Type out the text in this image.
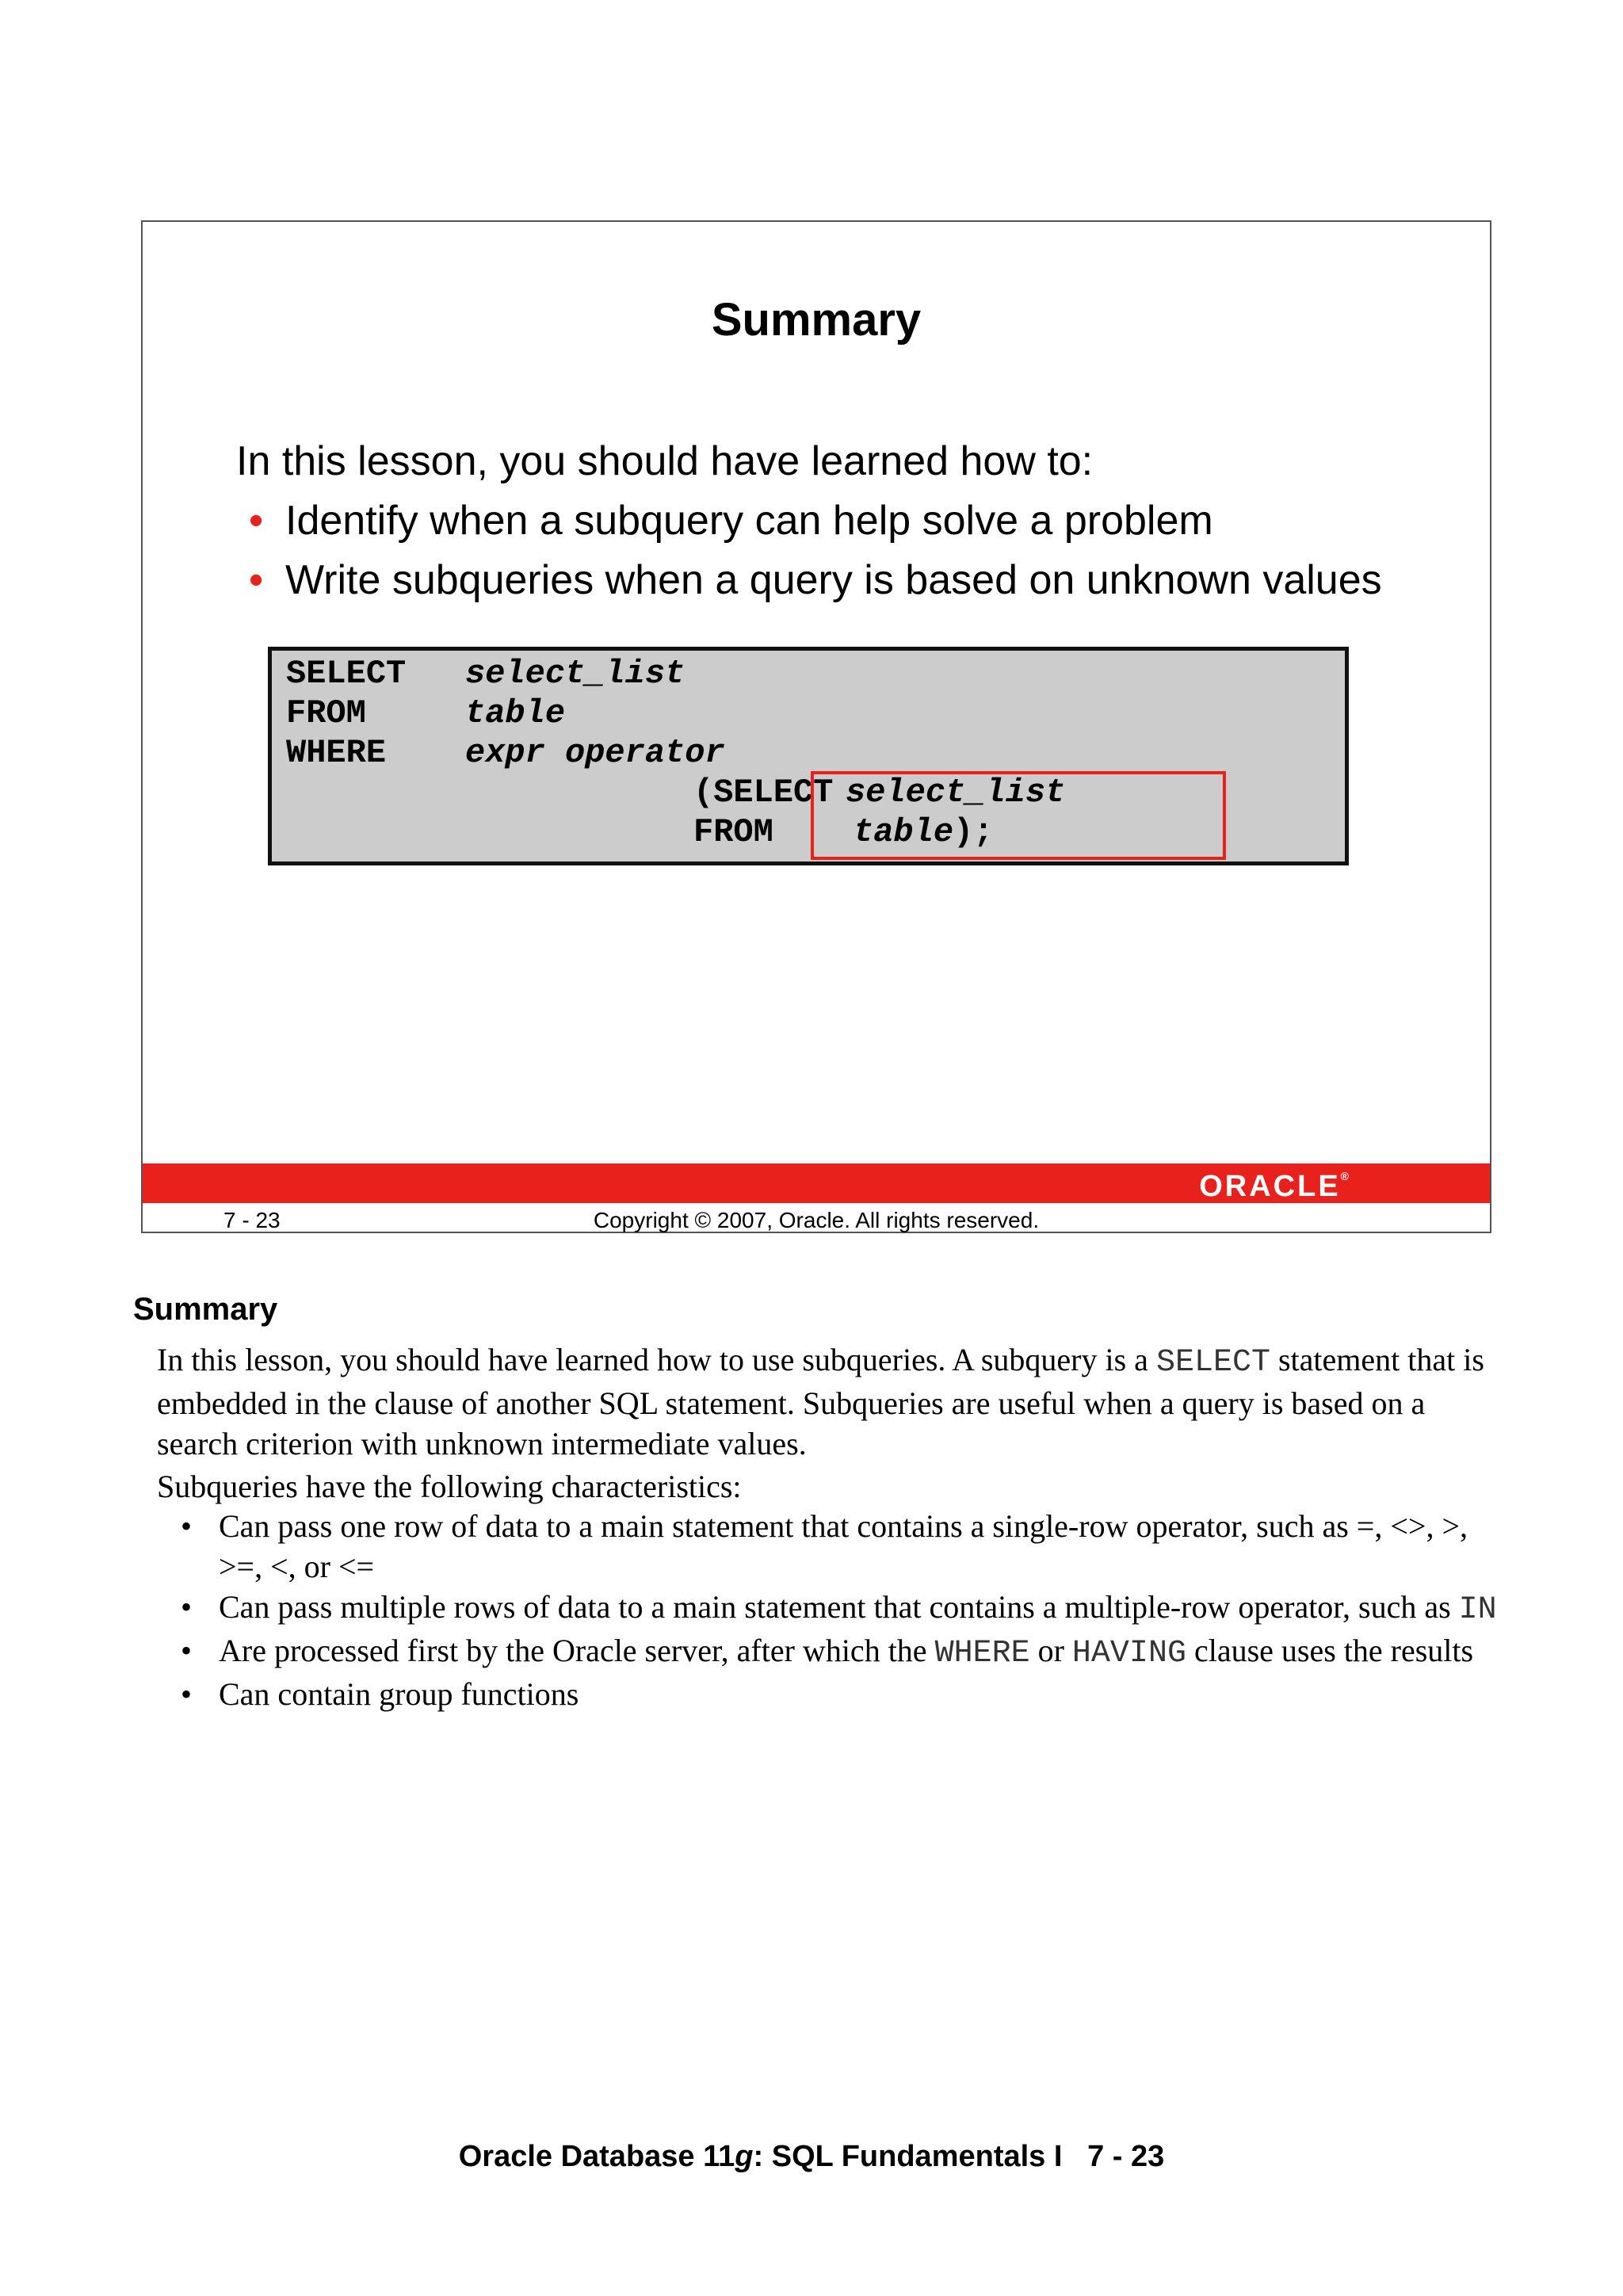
Summary
In this lesson, you should have learned how to:
• Identify when a subquery can help solve a problem
• Write subqueries when a query is based on unknown values
SELECT select_list
FROM	table
WHERE expr operator
(SELECT select_list
FROM table);
ORACLE®
7 - 23	Copyright © 2007, Oracle. All rights reserved.
Summary
In this lesson, you should have learned how to use subqueries. A subquery is a SELECT statement that is embedded in the clause of another SQL statement. Subqueries are useful when a query is based on a search criterion with unknown intermediate values.
Subqueries have the following characteristics:
• Can pass one row of data to a main statement that contains a single-row operator, such as =, <>, >, >=, <, or <=
• Can pass multiple rows of data to a main statement that contains a multiple-row operator, such as IN
• Are processed first by the Oracle server, after which the WHERE or HAVING clause uses the results
• Can contain group functions
Oracle Database 11g: SQL Fundamentals I   7 - 23
